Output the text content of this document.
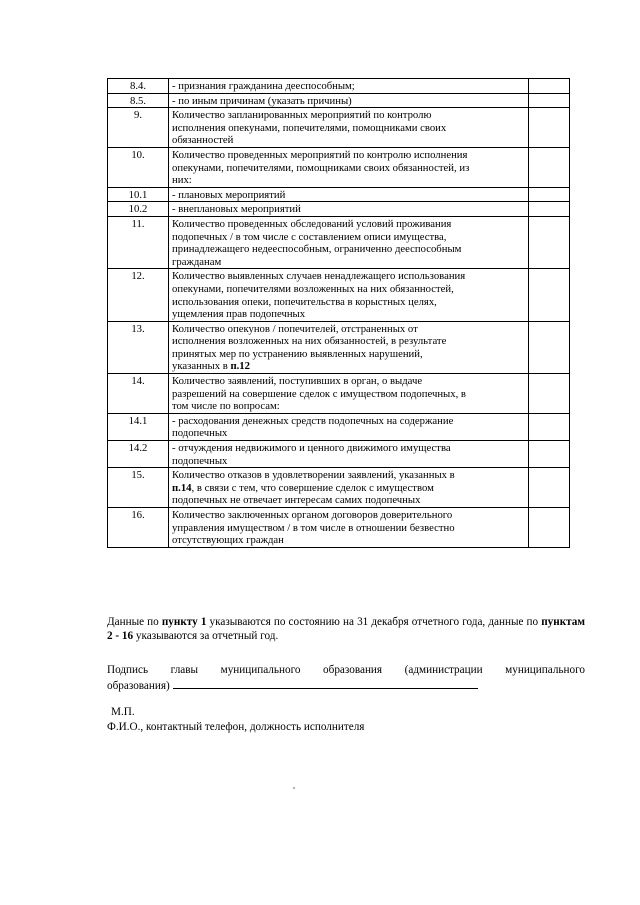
8.4.	- признания гражданина дееспособным;	
8.5.	- по иным причинам (указать причины)	
9.	Количество запланированных мероприятий по контролю
исполнения опекунами, попечителями, помощниками своих
обязанностей	
10.	Количество проведенных мероприятий по контролю исполнения
опекунами, попечителями, помощниками своих обязанностей, из
них:	
10.1	- плановых мероприятий	
10.2	- внеплановых мероприятий	
11.	Количество проведенных обследований условий проживания
подопечных / в том числе с составлением описи имущества,
принадлежащего недееспособным, ограниченно дееспособным
гражданам	
12.	Количество выявленных случаев ненадлежащего использования
опекунами, попечителями возложенных на них обязанностей,
использования опеки, попечительства в корыстных целях,
ущемления прав подопечных	
13.	Количество опекунов / попечителей, отстраненных от
исполнения возложенных на них обязанностей, в результате
принятых мер по устранению выявленных нарушений,
указанных в п.12	
14.	Количество заявлений, поступивших в орган, о выдаче
разрешений на совершение сделок с имуществом подопечных, в
том числе по вопросам:	
14.1	- расходования денежных средств подопечных на содержание
подопечных	
14.2	- отчуждения недвижимого и ценного движимого имущества
подопечных	
15.	Количество отказов в удовлетворении заявлений, указанных в
п.14, в связи с тем, что совершение сделок с имуществом
подопечных не отвечает интересам самих подопечных	
16.	Количество заключенных органом договоров доверительного
управления имуществом / в том числе в отношении безвестно
отсутствующих граждан	
Данные по пункту 1 указываются по состоянию на 31 декабря отчетного года, данные по пунктам 2 - 16 указываются за отчетный год.
Подпись главы муниципального образования (администрации муниципального
образования)
М.П.
Ф.И.О., контактный телефон, должность исполнителя
